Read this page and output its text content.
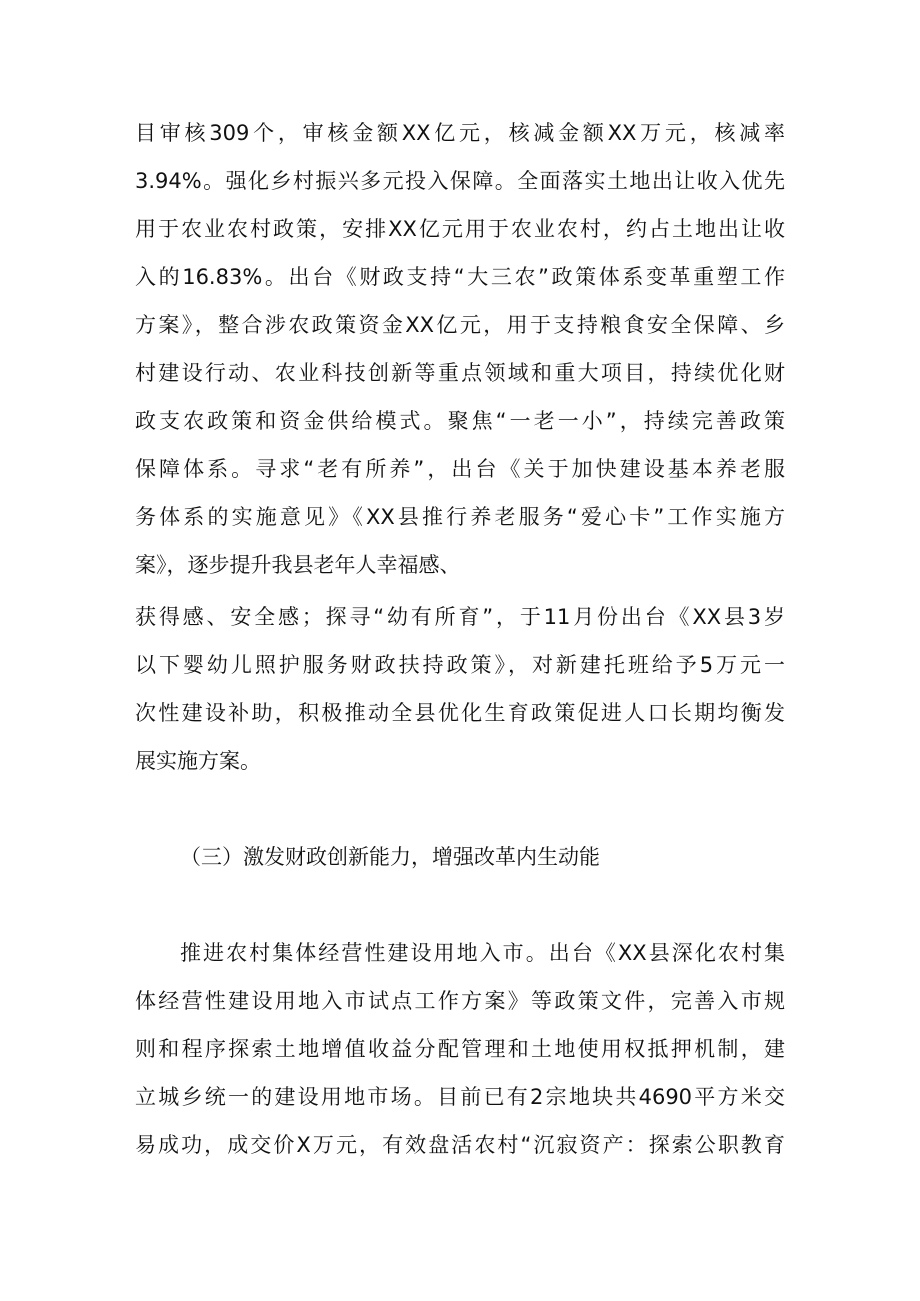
目审核309个，审核金额XX亿元，核减金额XX万元，核减率
3.94%。强化乡村振兴多元投入保障。全面落实土地出让收入优先
用于农业农村政策，安排XX亿元用于农业农村，约占土地出让收
入的16.83%。出台《财政支持“大三农”政策体系变革重塑工作
方案》，整合涉农政策资金XX亿元，用于支持粮食安全保障、乡
村建设行动、农业科技创新等重点领域和重大项目，持续优化财
政支农政策和资金供给模式。聚焦“一老一小”，持续完善政策
保障体系。寻求“老有所养”，出台《关于加快建设基本养老服
务体系的实施意见》《XX县推行养老服务“爱心卡”工作实施方
案》，逐步提升我县老年人幸福感、
获得感、安全感；探寻“幼有所育”，于11月份出台《XX县3岁
以下婴幼儿照护服务财政扶持政策》，对新建托班给予5万元一
次性建设补助，积极推动全县优化生育政策促进人口长期均衡发
展实施方案。
（三）激发财政创新能力，增强改革内生动能
推进农村集体经营性建设用地入市。出台《XX县深化农村集
体经营性建设用地入市试点工作方案》等政策文件，完善入市规
则和程序探索土地增值收益分配管理和土地使用权抵押机制，建
立城乡统一的建设用地市场。目前已有2宗地块共4690平方米交
易成功，成交价X万元，有效盘活农村“沉寂资产：探索公职教育
